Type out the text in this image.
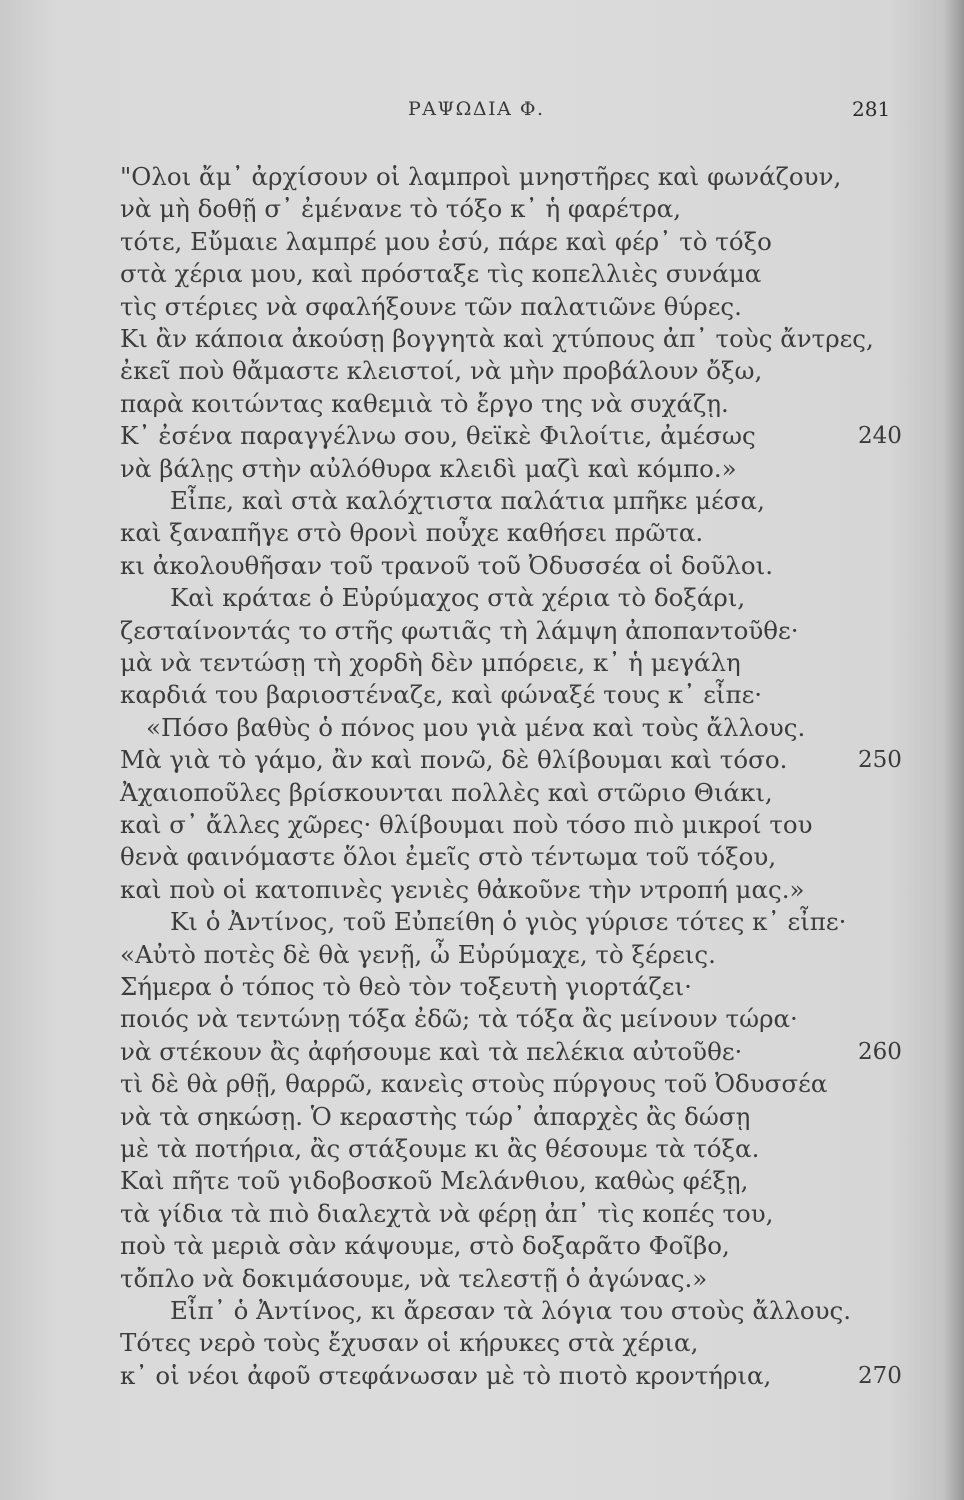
ΡΑΨΩΔΙΑ Φ.	281
"Ολοι ἄμ᾽ ἀρχίσουν οἱ λαμπροὶ μνηστῆρες καὶ φωνάζουν,
νὰ μὴ δοθῇ σ᾽ ἐμένανε τὸ τόξο κ᾽ ἡ φαρέτρα,
τότε, Εὔμαιε λαμπρέ μου ἐσύ, πάρε καὶ φέρ᾽ τὸ τόξο
στὰ χέρια μου, καὶ πρόσταξε τὶς κοπελλιὲς συνάμα
τὶς στέριες νὰ σφαλήξουνε τῶν παλατιῶνε θύρες.
Κι ἂν κάποια ἀκούσῃ βογγητὰ καὶ χτύπους ἀπ᾽ τοὺς ἄντρες,
ἐκεῖ ποὺ θἄμαστε κλειστοί, νὰ μὴν προβάλουν ὄξω,
παρὰ κοιτώντας καθεμιὰ τὸ ἔργο της νὰ συχάζῃ.
Κ᾽ ἐσένα παραγγέλνω σου, θεϊκὲ Φιλοίτιε, ἀμέσως	240
νὰ βάλῃς στὴν αὐλόθυρα κλειδὶ μαζὶ καὶ κόμπο.»
Εἶπε, καὶ στὰ καλόχτιστα παλάτια μπῆκε μέσα,
καὶ ξαναπῆγε στὸ θρονὶ ποὖχε καθήσει πρῶτα.
κι ἀκολουθῆσαν τοῦ τρανοῦ τοῦ Ὀδυσσέα οἱ δοῦλοι.
Καὶ κράταε ὁ Εὐρύμαχος στὰ χέρια τὸ δοξάρι,
ζεσταίνοντάς το στῆς φωτιᾶς τὴ λάμψη ἀποπαντοῦθε·
μὰ νὰ τεντώσῃ τὴ χορδὴ δὲν μπόρειε, κ᾽ ἡ μεγάλη
καρδιά του βαριοστέναζε, καὶ φώναξέ τους κ᾽ εἶπε·
«Πόσο βαθὺς ὁ πόνος μου γιὰ μένα καὶ τοὺς ἄλλους.
Μὰ γιὰ τὸ γάμο, ἂν καὶ πονῶ, δὲ θλίβουμαι καὶ τόσο.	250
Ἀχαιοποῦλες βρίσκουνται πολλὲς καὶ στῶριο Θιάκι,
καὶ σ᾽ ἄλλες χῶρες· θλίβουμαι ποὺ τόσο πιὸ μικροί του
θενὰ φαινόμαστε ὅλοι ἐμεῖς στὸ τέντωμα τοῦ τόξου,
καὶ ποὺ οἱ κατοπινὲς γενιὲς θἀκοῦνε τὴν ντροπή μας.»
Κι ὁ Ἀντίνος, τοῦ Εὐπείθη ὁ γιὸς γύρισε τότες κ᾽ εἶπε·
«Αὐτὸ ποτὲς δὲ θὰ γενῇ, ὦ Εὐρύμαχε, τὸ ξέρεις.
Σήμερα ὁ τόπος τὸ θεὸ τὸν τοξευτὴ γιορτάζει·
ποιός νὰ τεντώνῃ τόξα ἐδῶ; τὰ τόξα ἂς μείνουν τώρα·
νὰ στέκουν ἂς ἀφήσουμε καὶ τὰ πελέκια αὐτοῦθε·	260
τὶ δὲ θὰ ρθῇ, θαρρῶ, κανεὶς στοὺς πύργους τοῦ Ὀδυσσέα
νὰ τὰ σηκώσῃ. Ὁ κεραστὴς τώρ᾽ ἀπαρχὲς ἂς δώσῃ
μὲ τὰ ποτήρια, ἂς στάξουμε κι ἂς θέσουμε τὰ τόξα.
Καὶ πῆτε τοῦ γιδοβοσκοῦ Μελάνθιου, καθὼς φέξῃ,
τὰ γίδια τὰ πιὸ διαλεχτὰ νὰ φέρῃ ἀπ᾽ τὶς κοπές του,
ποὺ τὰ μεριὰ σὰν κάψουμε, στὸ δοξαρᾶτο Φοῖβο,
τὄπλο νὰ δοκιμάσουμε, νὰ τελεστῇ ὁ ἀγώνας.»
Εἶπ᾽ ὁ Ἀντίνος, κι ἄρεσαν τὰ λόγια του στοὺς ἄλλους.
Τότες νερὸ τοὺς ἔχυσαν οἱ κήρυκες στὰ χέρια,
κ᾽ οἱ νέοι ἀφοῦ στεφάνωσαν μὲ τὸ πιοτὸ κροντήρια,	270
